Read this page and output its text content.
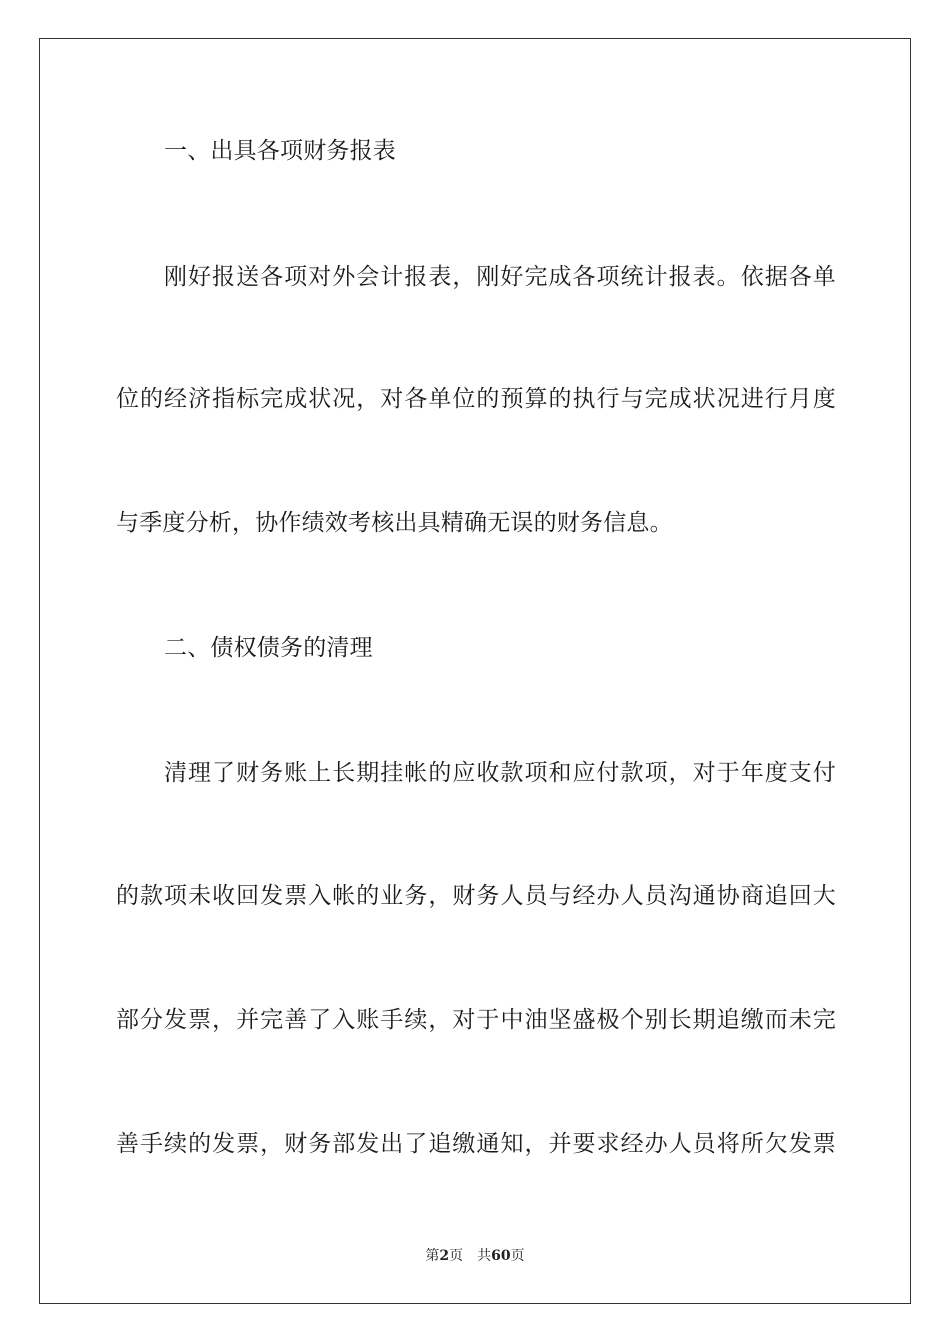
一、出具各项财务报表
刚好报送各项对外会计报表，刚好完成各项统计报表。依据各单
位的经济指标完成状况，对各单位的预算的执行与完成状况进行月度
与季度分析，协作绩效考核出具精确无误的财务信息。
二、债权债务的清理
清理了财务账上长期挂帐的应收款项和应付款项，对于年度支付
的款项未收回发票入帐的业务，财务人员与经办人员沟通协商追回大
部分发票，并完善了入账手续，对于中油坚盛极个别长期追缴而未完
善手续的发票，财务部发出了追缴通知，并要求经办人员将所欠发票
第2页 共60页
